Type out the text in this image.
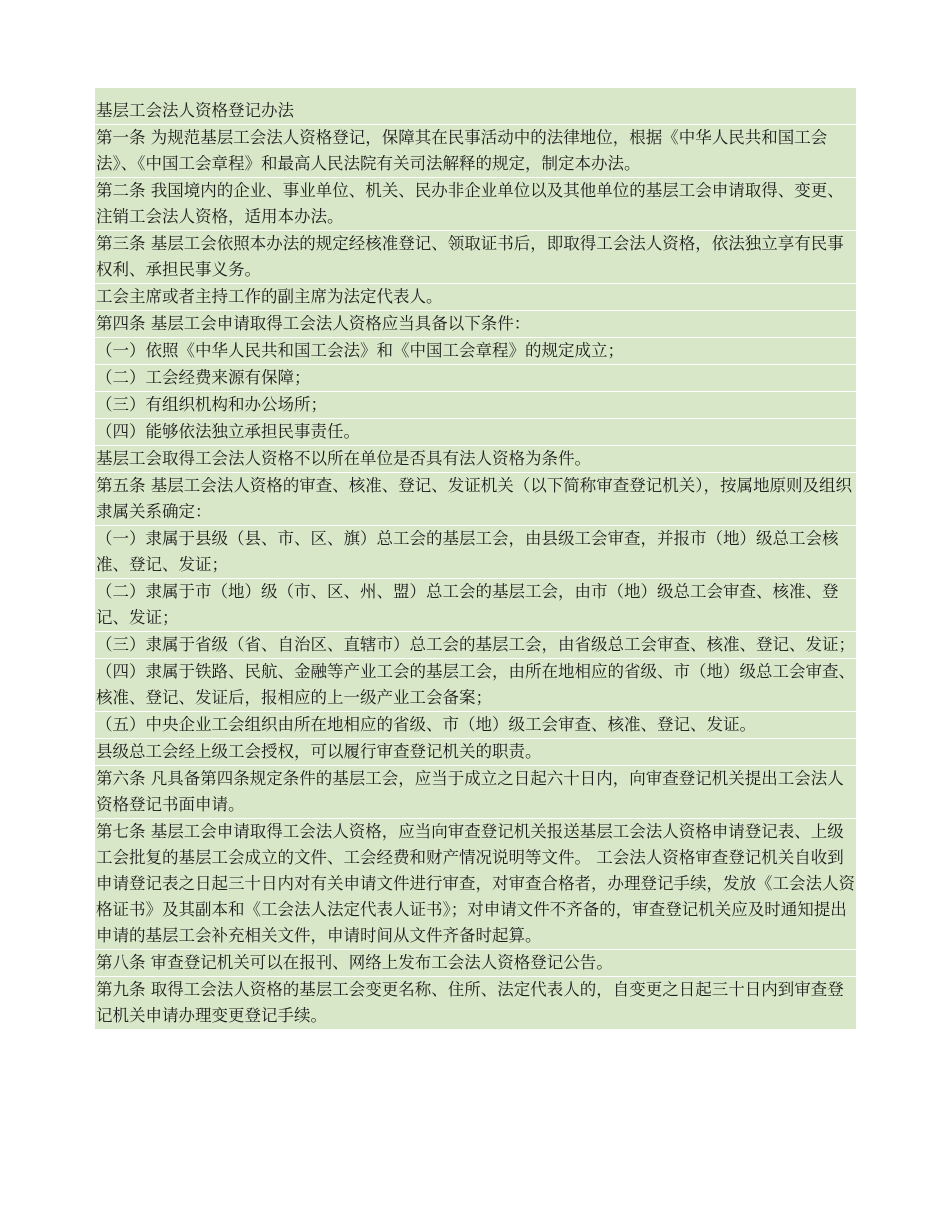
基层工会法人资格登记办法
第一条 为规范基层工会法人资格登记，保障其在民事活动中的法律地位，根据《中华人民共和国工会法》、《中国工会章程》和最高人民法院有关司法解释的规定，制定本办法。
第二条 我国境内的企业、事业单位、机关、民办非企业单位以及其他单位的基层工会申请取得、变更、注销工会法人资格，适用本办法。
第三条 基层工会依照本办法的规定经核准登记、领取证书后，即取得工会法人资格，依法独立享有民事权利、承担民事义务。
工会主席或者主持工作的副主席为法定代表人。
第四条 基层工会申请取得工会法人资格应当具备以下条件：
（一）依照《中华人民共和国工会法》和《中国工会章程》的规定成立；
（二）工会经费来源有保障；
（三）有组织机构和办公场所；
（四）能够依法独立承担民事责任。
基层工会取得工会法人资格不以所在单位是否具有法人资格为条件。
第五条 基层工会法人资格的审查、核准、登记、发证机关（以下简称审查登记机关），按属地原则及组织隶属关系确定：
（一）隶属于县级（县、市、区、旗）总工会的基层工会，由县级工会审查，并报市（地）级总工会核准、登记、发证；
（二）隶属于市（地）级（市、区、州、盟）总工会的基层工会，由市（地）级总工会审查、核准、登记、发证；
（三）隶属于省级（省、自治区、直辖市）总工会的基层工会，由省级总工会审查、核准、登记、发证；
（四）隶属于铁路、民航、金融等产业工会的基层工会，由所在地相应的省级、市（地）级总工会审查、核准、登记、发证后，报相应的上一级产业工会备案；
（五）中央企业工会组织由所在地相应的省级、市（地）级工会审查、核准、登记、发证。
县级总工会经上级工会授权，可以履行审查登记机关的职责。
第六条 凡具备第四条规定条件的基层工会，应当于成立之日起六十日内，向审查登记机关提出工会法人资格登记书面申请。
第七条 基层工会申请取得工会法人资格，应当向审查登记机关报送基层工会法人资格申请登记表、上级工会批复的基层工会成立的文件、工会经费和财产情况说明等文件。 工会法人资格审查登记机关自收到申请登记表之日起三十日内对有关申请文件进行审查，对审查合格者，办理登记手续，发放《工会法人资格证书》及其副本和《工会法人法定代表人证书》；对申请文件不齐备的，审查登记机关应及时通知提出申请的基层工会补充相关文件，申请时间从文件齐备时起算。
第八条 审查登记机关可以在报刊、网络上发布工会法人资格登记公告。
第九条 取得工会法人资格的基层工会变更名称、住所、法定代表人的，自变更之日起三十日内到审查登记机关申请办理变更登记手续。
